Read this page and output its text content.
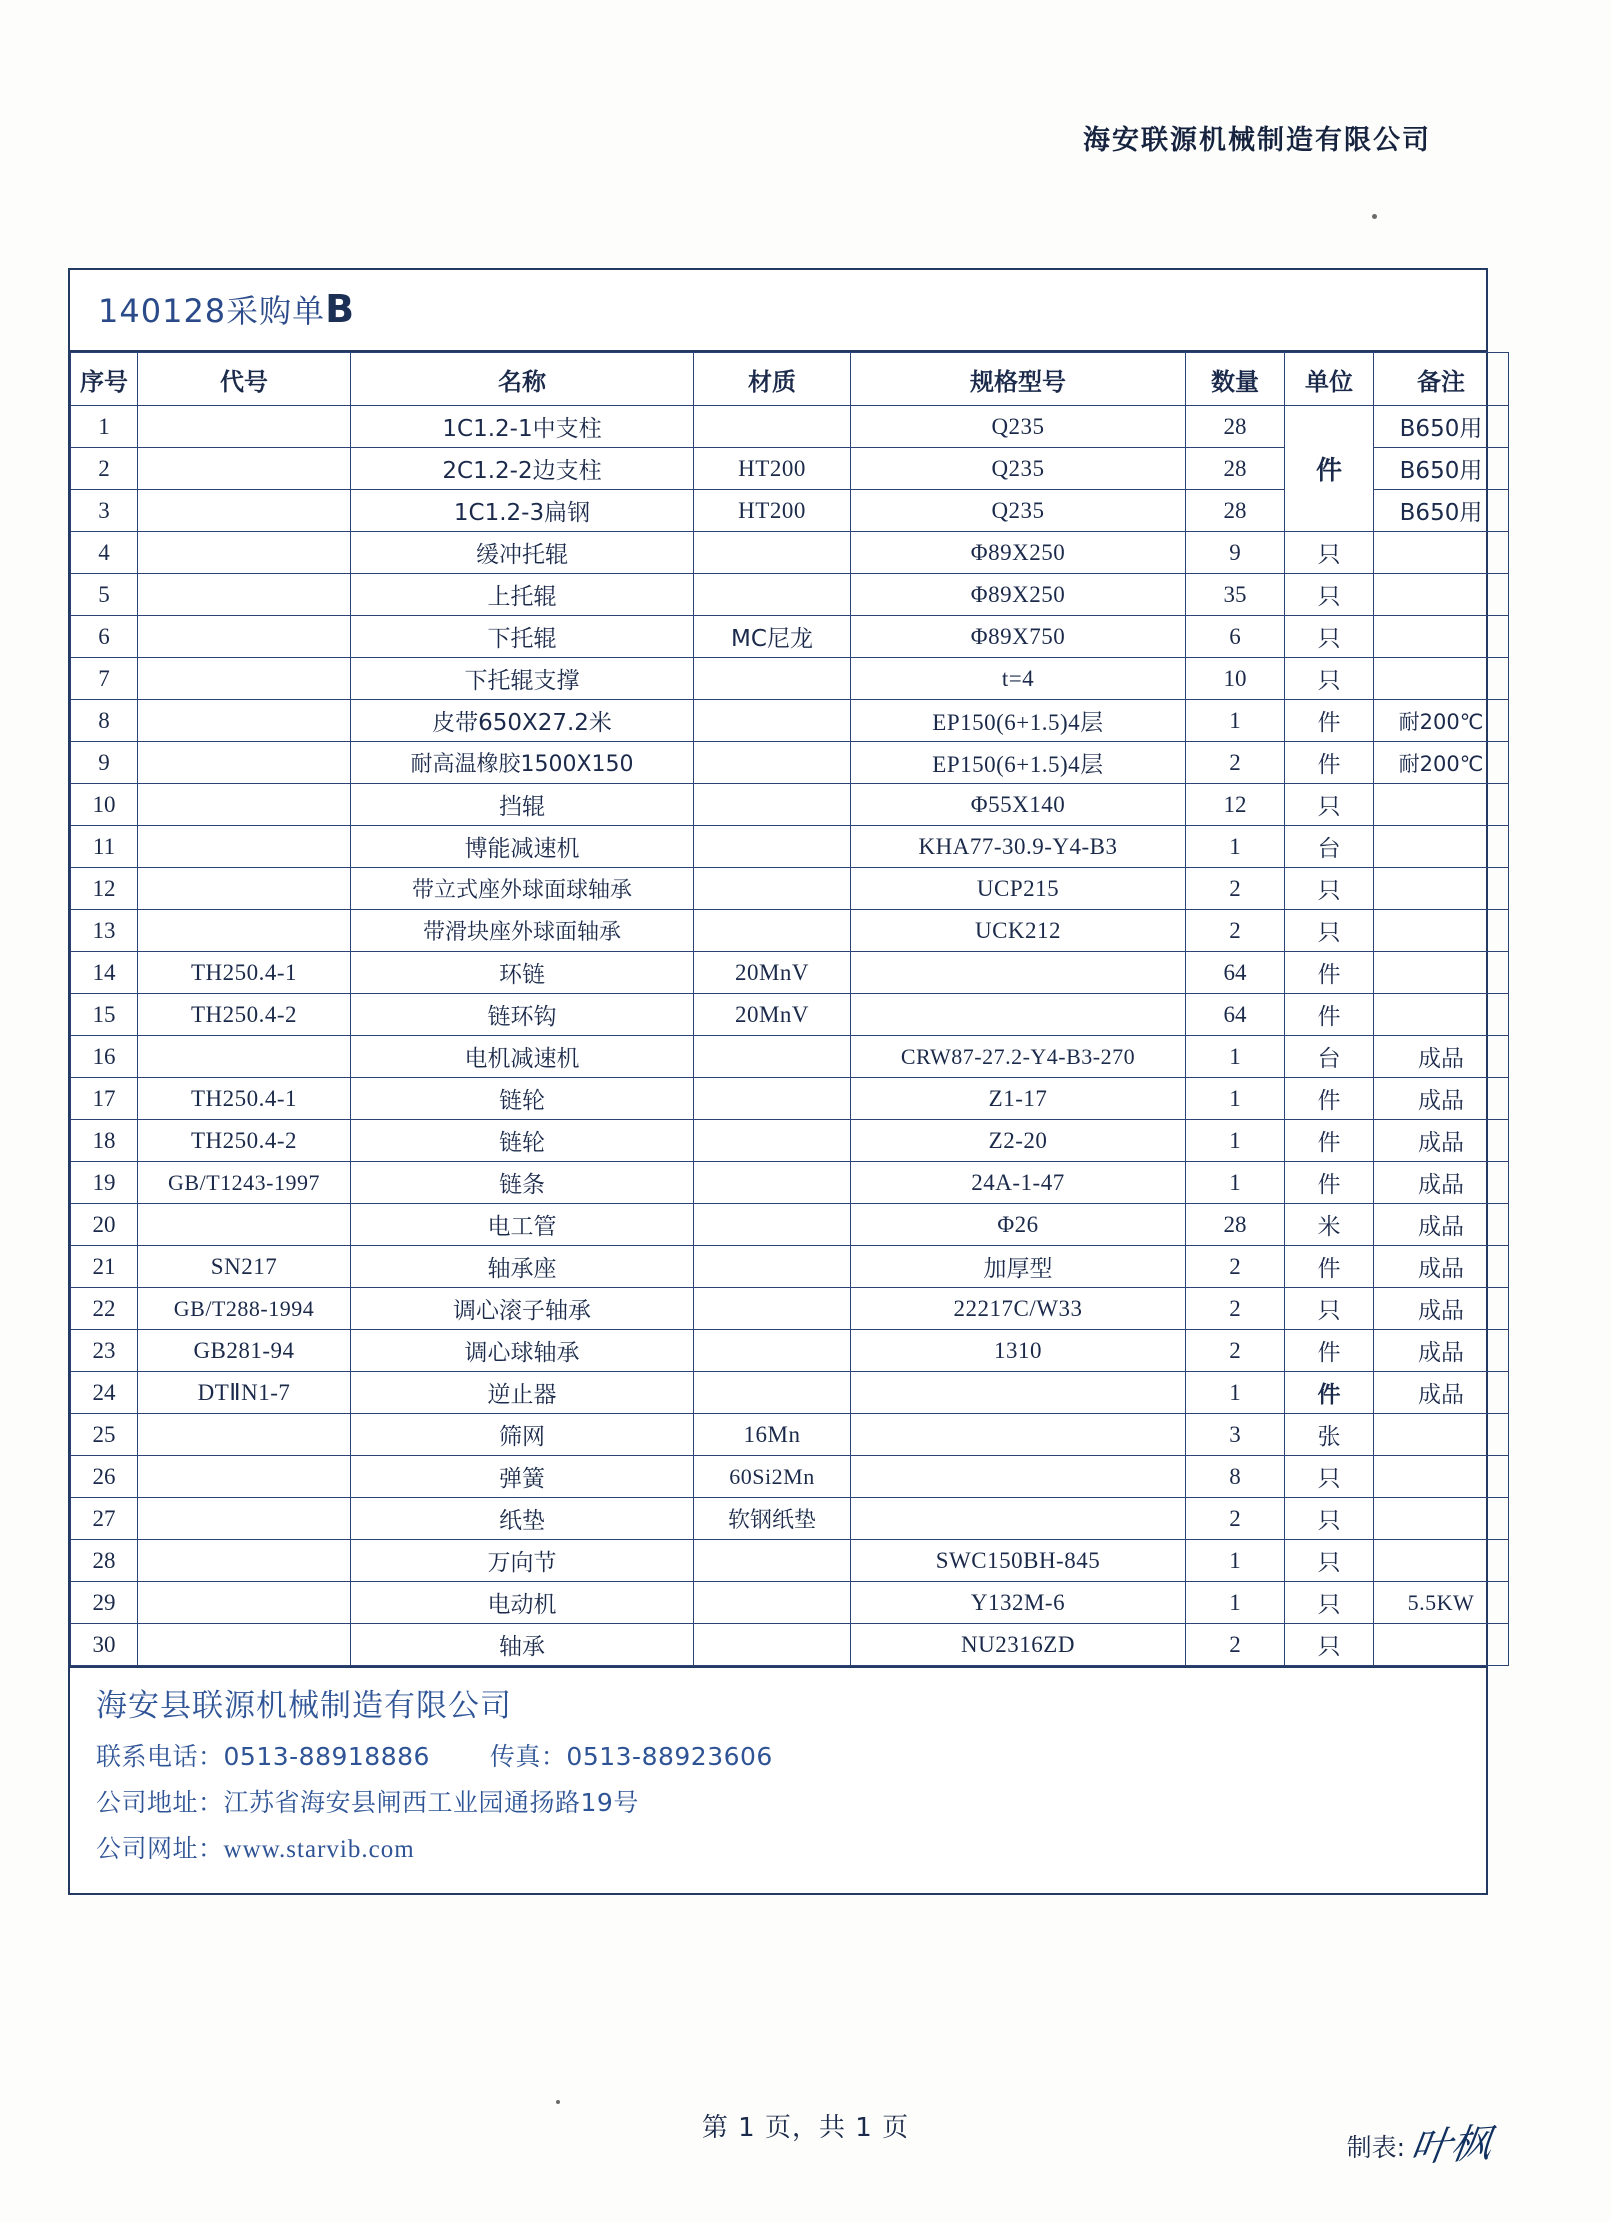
海安联源机械制造有限公司
140128采购单B
序号	代号	名称	材质	规格型号	数量	单位	备注
1		1C1.2-1中支柱		Q235	28	件	B650用
2		2C1.2-2边支柱	HT200	Q235	28		B650用
3		1C1.2-3扁钢	HT200	Q235	28		B650用
4		缓冲托辊		Φ89X250	9	只	
5		上托辊		Φ89X250	35	只	
6		下托辊	MC尼龙	Φ89X750	6	只	
7		下托辊支撑		t=4	10	只	
8		皮带650X27.2米		EP150(6+1.5)4层	1	件	耐200℃
9		耐高温橡胶1500X150		EP150(6+1.5)4层	2	件	耐200℃
10		挡辊		Φ55X140	12	只	
11		博能减速机		KHA77-30.9-Y4-B3	1	台	
12		带立式座外球面球轴承		UCP215	2	只	
13		带滑块座外球面轴承		UCK212	2	只	
14	TH250.4-1	环链	20MnV		64	件	
15	TH250.4-2	链环钩	20MnV		64	件	
16		电机减速机		CRW87-27.2-Y4-B3-270	1	台	成品
17	TH250.4-1	链轮		Z1-17	1	件	成品
18	TH250.4-2	链轮		Z2-20	1	件	成品
19	GB/T1243-1997	链条		24A-1-47	1	件	成品
20		电工管		Φ26	28	米	成品
21	SN217	轴承座		加厚型	2	件	成品
22	GB/T288-1994	调心滚子轴承		22217C/W33	2	只	成品
23	GB281-94	调心球轴承		1310	2	件	成品
24	DTⅡN1-7	逆止器			1	件	成品
25		筛网	16Mn		3	张	
26		弹簧	60Si2Mn		8	只	
27		纸垫	软钢纸垫		2	只	
28		万向节		SWC150BH-845	1	只	
29		电动机		Y132M-6	1	只	5.5KW
30		轴承		NU2316ZD	2	只	
海安县联源机械制造有限公司
联系电话：0513-88918886 传真：0513-88923606
公司地址：江苏省海安县闸西工业园通扬路19号
公司网址：www.starvib.com
第 1 页，共 1 页
制表: 叶枫
